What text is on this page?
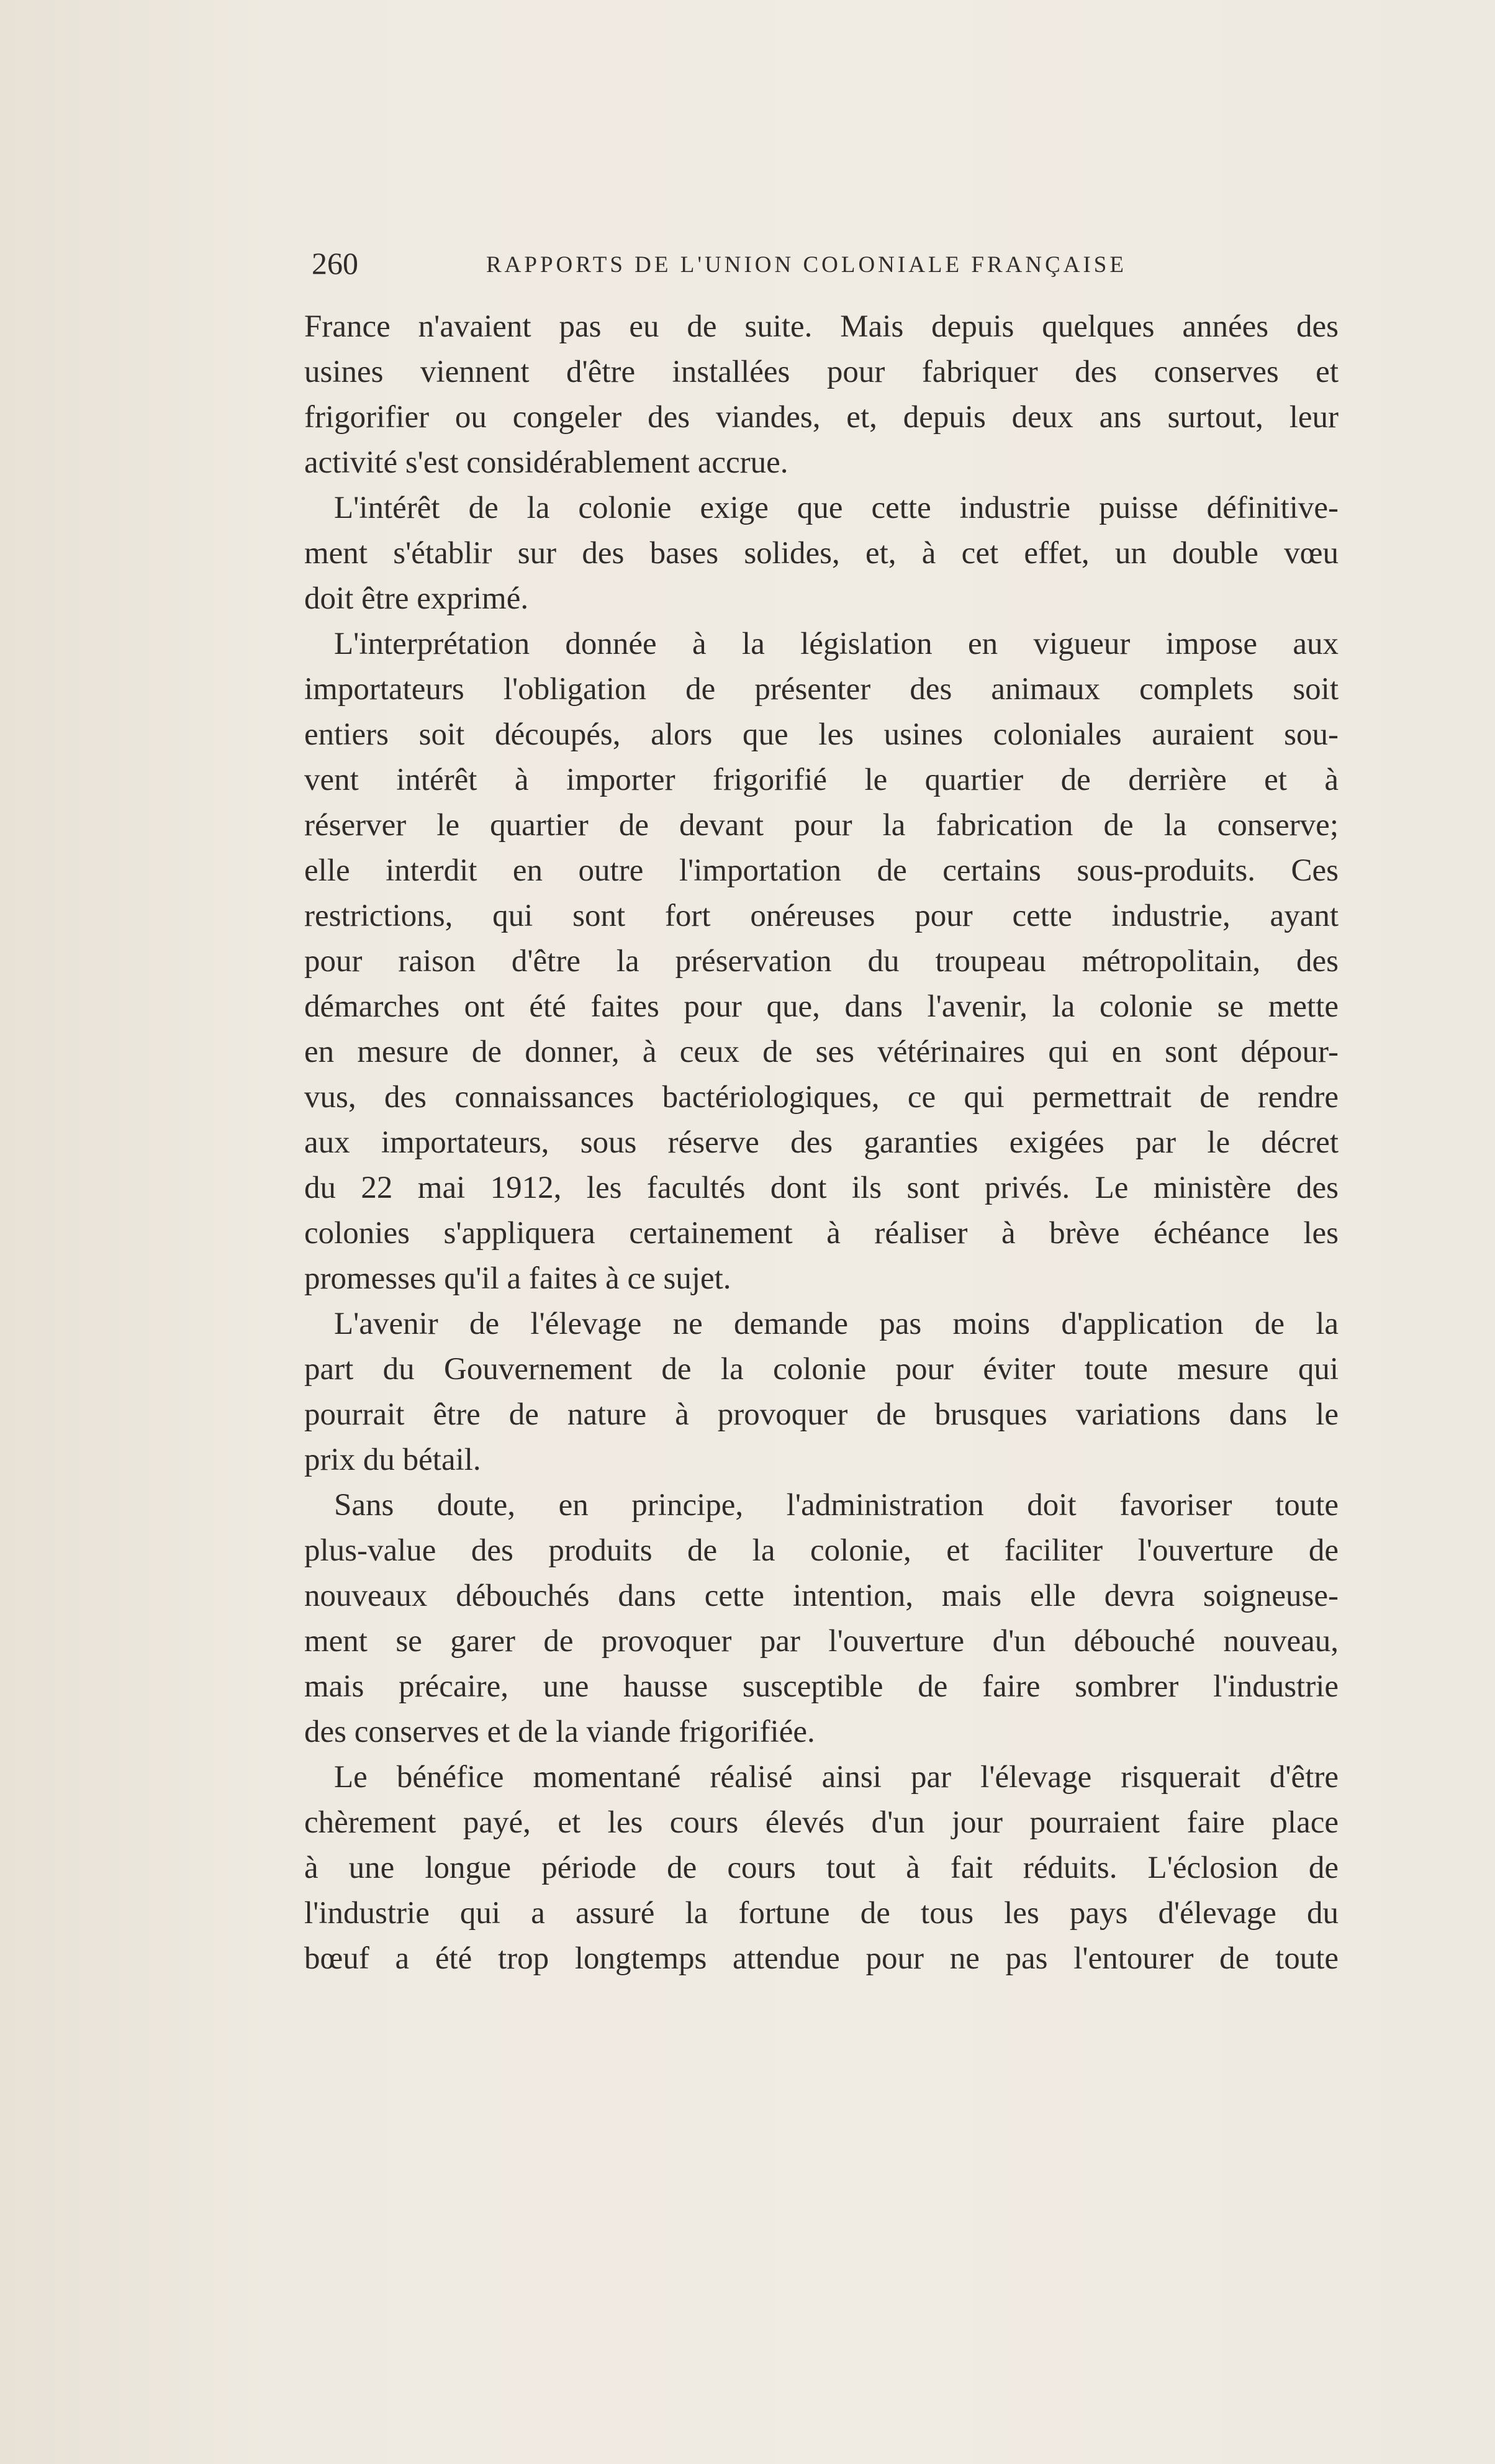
260	RAPPORTS DE L'UNION COLONIALE FRANÇAISE
France n'avaient pas eu de suite. Mais depuis quelques années des
usines viennent d'être installées pour fabriquer des conserves et
frigorifier ou congeler des viandes, et, depuis deux ans surtout, leur
activité s'est considérablement accrue.
L'intérêt de la colonie exige que cette industrie puisse définitive-
ment s'établir sur des bases solides, et, à cet effet, un double vœu
doit être exprimé.
L'interprétation donnée à la législation en vigueur impose aux
importateurs l'obligation de présenter des animaux complets soit
entiers soit découpés, alors que les usines coloniales auraient sou-
vent intérêt à importer frigorifié le quartier de derrière et à
réserver le quartier de devant pour la fabrication de la conserve;
elle interdit en outre l'importation de certains sous-produits. Ces
restrictions, qui sont fort onéreuses pour cette industrie, ayant
pour raison d'être la préservation du troupeau métropolitain, des
démarches ont été faites pour que, dans l'avenir, la colonie se mette
en mesure de donner, à ceux de ses vétérinaires qui en sont dépour-
vus, des connaissances bactériologiques, ce qui permettrait de rendre
aux importateurs, sous réserve des garanties exigées par le décret
du 22 mai 1912, les facultés dont ils sont privés. Le ministère des
colonies s'appliquera certainement à réaliser à brève échéance les
promesses qu'il a faites à ce sujet.
L'avenir de l'élevage ne demande pas moins d'application de la
part du Gouvernement de la colonie pour éviter toute mesure qui
pourrait être de nature à provoquer de brusques variations dans le
prix du bétail.
Sans doute, en principe, l'administration doit favoriser toute
plus-value des produits de la colonie, et faciliter l'ouverture de
nouveaux débouchés dans cette intention, mais elle devra soigneuse-
ment se garer de provoquer par l'ouverture d'un débouché nouveau,
mais précaire, une hausse susceptible de faire sombrer l'industrie
des conserves et de la viande frigorifiée.
Le bénéfice momentané réalisé ainsi par l'élevage risquerait d'être
chèrement payé, et les cours élevés d'un jour pourraient faire place
à une longue période de cours tout à fait réduits. L'éclosion de
l'industrie qui a assuré la fortune de tous les pays d'élevage du
bœuf a été trop longtemps attendue pour ne pas l'entourer de toute
